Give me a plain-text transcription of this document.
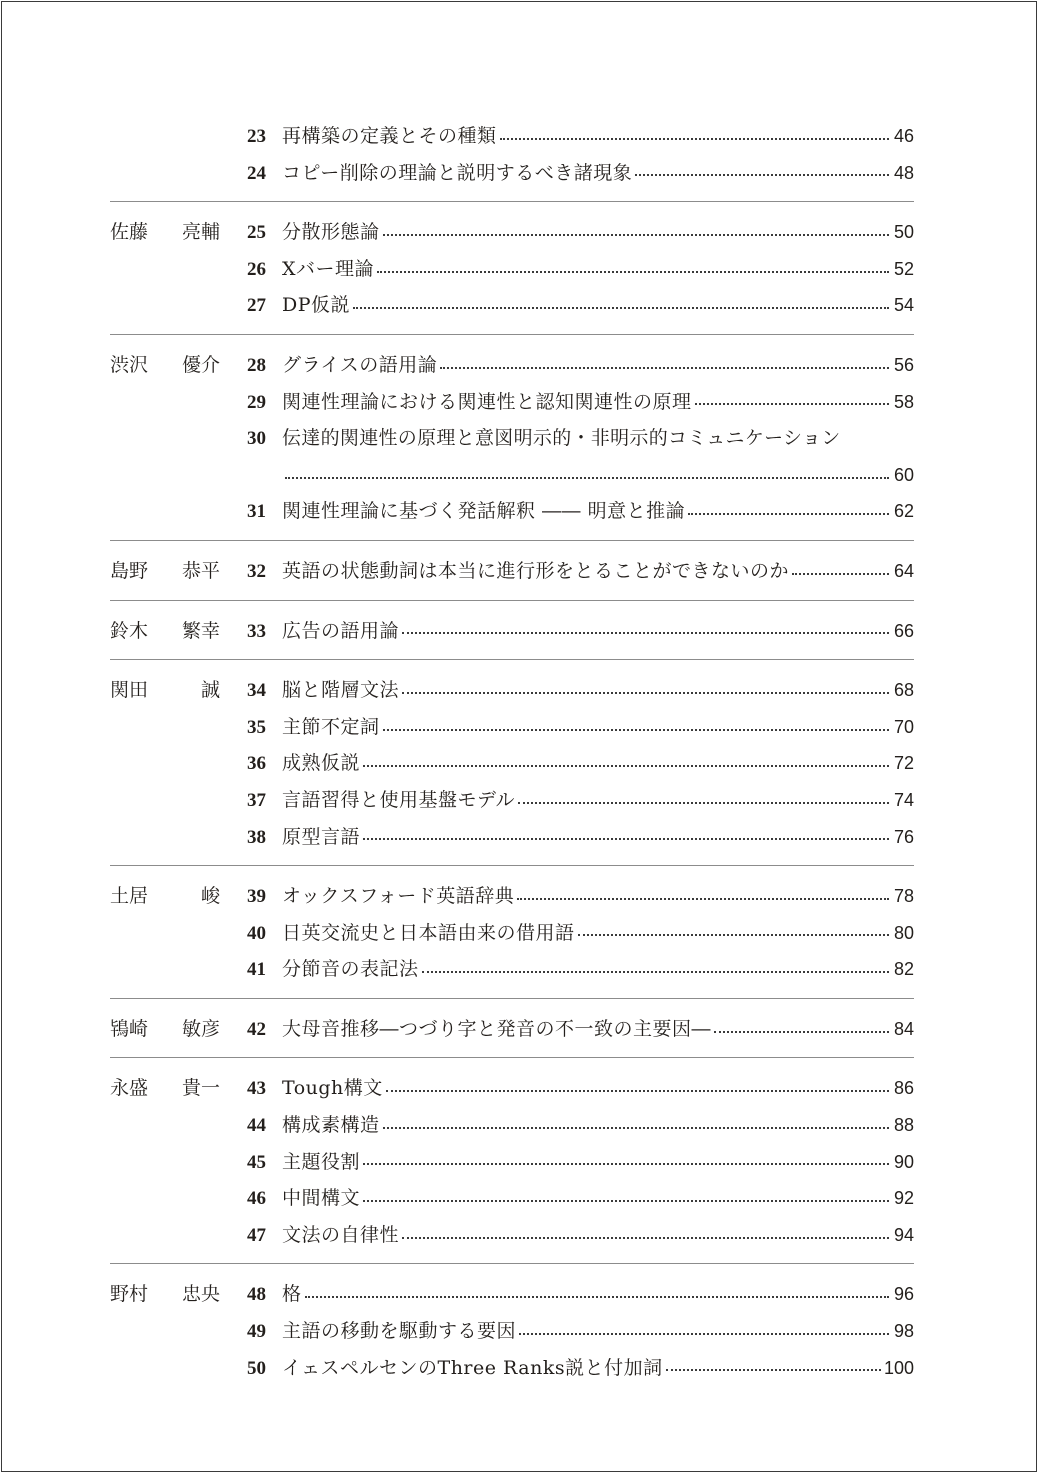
23 再構築の定義とその種類	46
24 コピー削除の理論と説明するべき諸現象	48
佐藤 亮輔	25 分散形態論	50
26 Xバー理論	52
27 DP仮説	54
渋沢 優介	28 グライスの語用論	56
29 関連性理論における関連性と認知関連性の原理	58
30 伝達的関連性の原理と意図明示的・非明示的コミュニケーション
60
31 関連性理論に基づく発話解釈 ―― 明意と推論	62
島野 恭平	32 英語の状態動詞は本当に進行形をとることができないのか	64
鈴木 繁幸	33 広告の語用論	66
関田	誠	34 脳と階層文法	68
35 主節不定詞	70
36 成熟仮説	72
37 言語習得と使用基盤モデル	74
38 原型言語	76
土居	峻	39 オックスフォード英語辞典	78
40 日英交流史と日本語由来の借用語	80
41 分節音の表記法	82
鴇崎 敏彦	42 大母音推移―つづり字と発音の不一致の主要因―	84
永盛 貴一	43 Tough構文	86
44 構成素構造	88
45 主題役割	90
46 中間構文	92
47 文法の自律性	94
野村 忠央	48 格	96
49 主語の移動を駆動する要因	98
50 イェスペルセンのThree Ranks説と付加詞	100
